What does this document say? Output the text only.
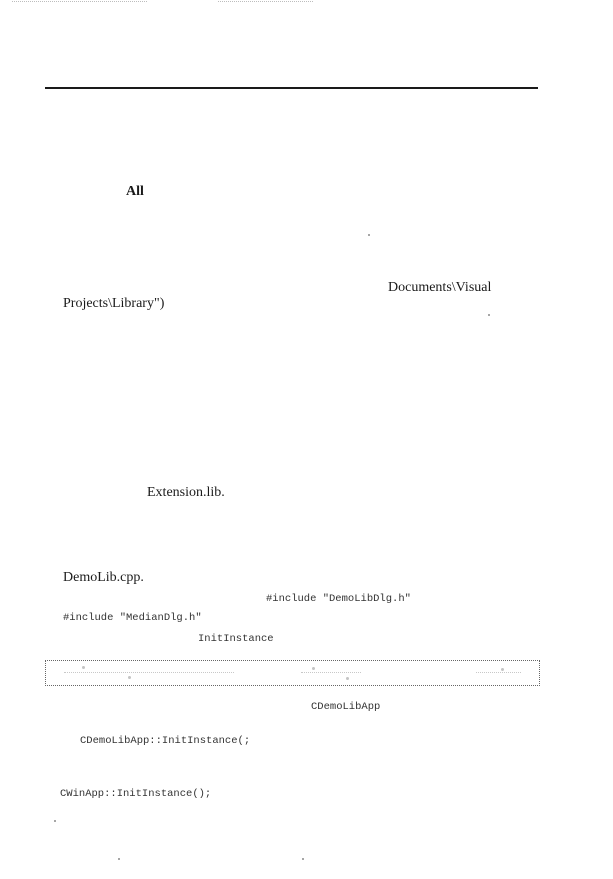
All
Documents\Visual
Projects\Library")
Extension.lib.
DemoLib.cpp.
#include "DemoLibDlg.h"
#include "MedianDlg.h"
InitInstance
CDemoLibApp
CDemoLibApp::InitInstance(;
CWinApp::InitInstance();
